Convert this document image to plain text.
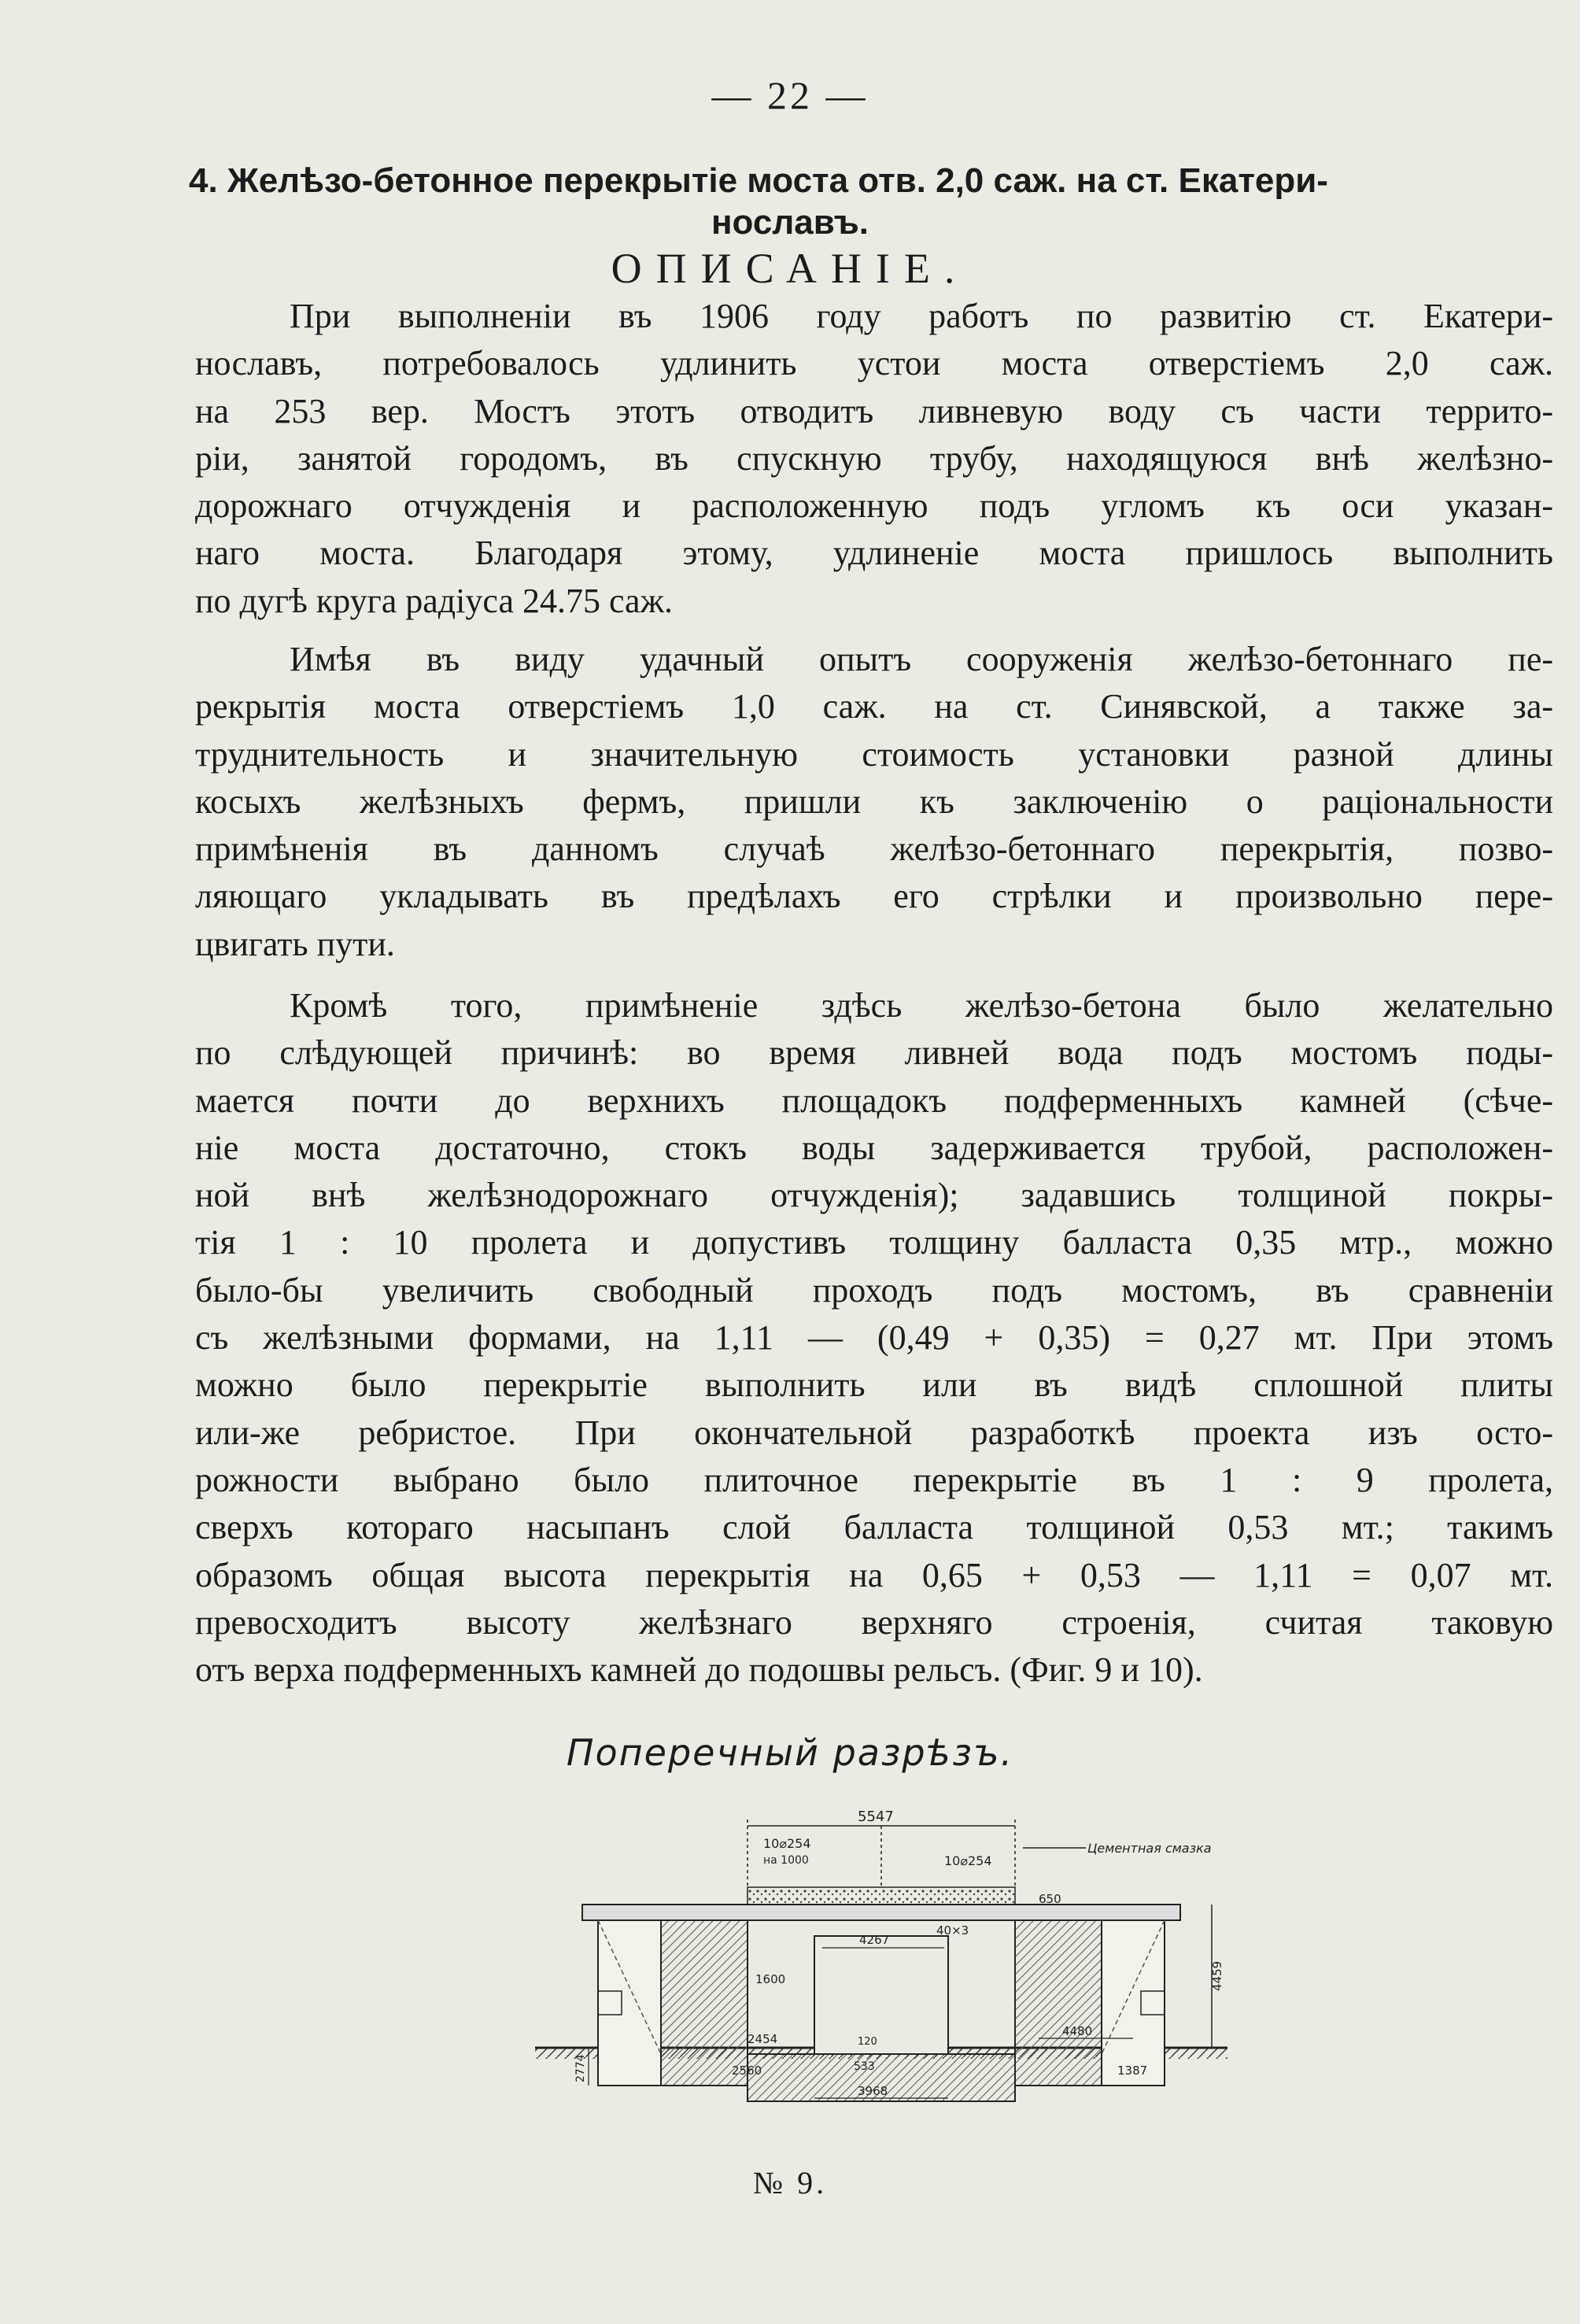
— 22 —
4. Желѣзо-бетонное перекрытіе моста отв. 2,0 саж. на ст. Екатери-
нославъ.
ОПИСАНІЕ.
При выполненіи въ 1906 году работъ по развитію ст. Екатери-
нославъ, потребовалось удлинить устои моста отверстіемъ 2,0 саж.
на 253 вер. Мостъ этотъ отводитъ ливневую воду съ части террито-
ріи, занятой городомъ, въ спускную трубу, находящуюся внѣ желѣзно-
дорожнаго отчужденія и расположенную подъ угломъ къ оси указан-
наго моста. Благодаря этому, удлиненіе моста пришлось выполнить
по дугѣ круга радіуса 24.75 саж.
Имѣя въ виду удачный опытъ сооруженія желѣзо-бетоннаго пе-
рекрытія моста отверстіемъ 1,0 саж. на ст. Синявской, а также за-
труднительность и значительную стоимость установки разной длины
косыхъ желѣзныхъ фермъ, пришли къ заключенію о раціональности
примѣненія въ данномъ случаѣ желѣзо-бетоннаго перекрытія, позво-
ляющаго укладывать въ предѣлахъ его стрѣлки и произвольно пере-
цвигать пути.
Кромѣ того, примѣненіе здѣсь желѣзо-бетона было желательно
по слѣдующей причинѣ: во время ливней вода подъ мостомъ поды-
мается почти до верхнихъ площадокъ подферменныхъ камней (сѣче-
ніе моста достаточно, стокъ воды задерживается трубой, расположен-
ной внѣ желѣзнодорожнаго отчужденія); задавшись толщиной покры-
тія 1 : 10 пролета и допустивъ толщину балласта 0,35 мтр., можно
было-бы увеличить свободный проходъ подъ мостомъ, въ сравненіи
съ желѣзными формами, на 1,11 — (0,49 + 0,35) = 0,27 мт. При этомъ
можно было перекрытіе выполнить или въ видѣ сплошной плиты
или-же ребристое. При окончательной разработкѣ проекта изъ осто-
рожности выбрано было плиточное перекрытіе въ 1 : 9 пролета,
сверхъ котораго насыпанъ слой балласта толщиной 0,53 мт.; такимъ
образомъ общая высота перекрытія на 0,65 + 0,53 — 1,11 = 0,07 мт.
превосходитъ высоту желѣзнаго верхняго строенія, считая таковую
отъ верха подферменныхъ камней до подошвы рельсъ. (Фиг. 9 и 10).
Поперечный разрѣзъ.
5547
10⌀254
на 1000	10⌀254
Цементная смазка
650
40×3
4267
1600	4459
4480
2454	120
2560	533
3968
2774	1387
№ 9.
